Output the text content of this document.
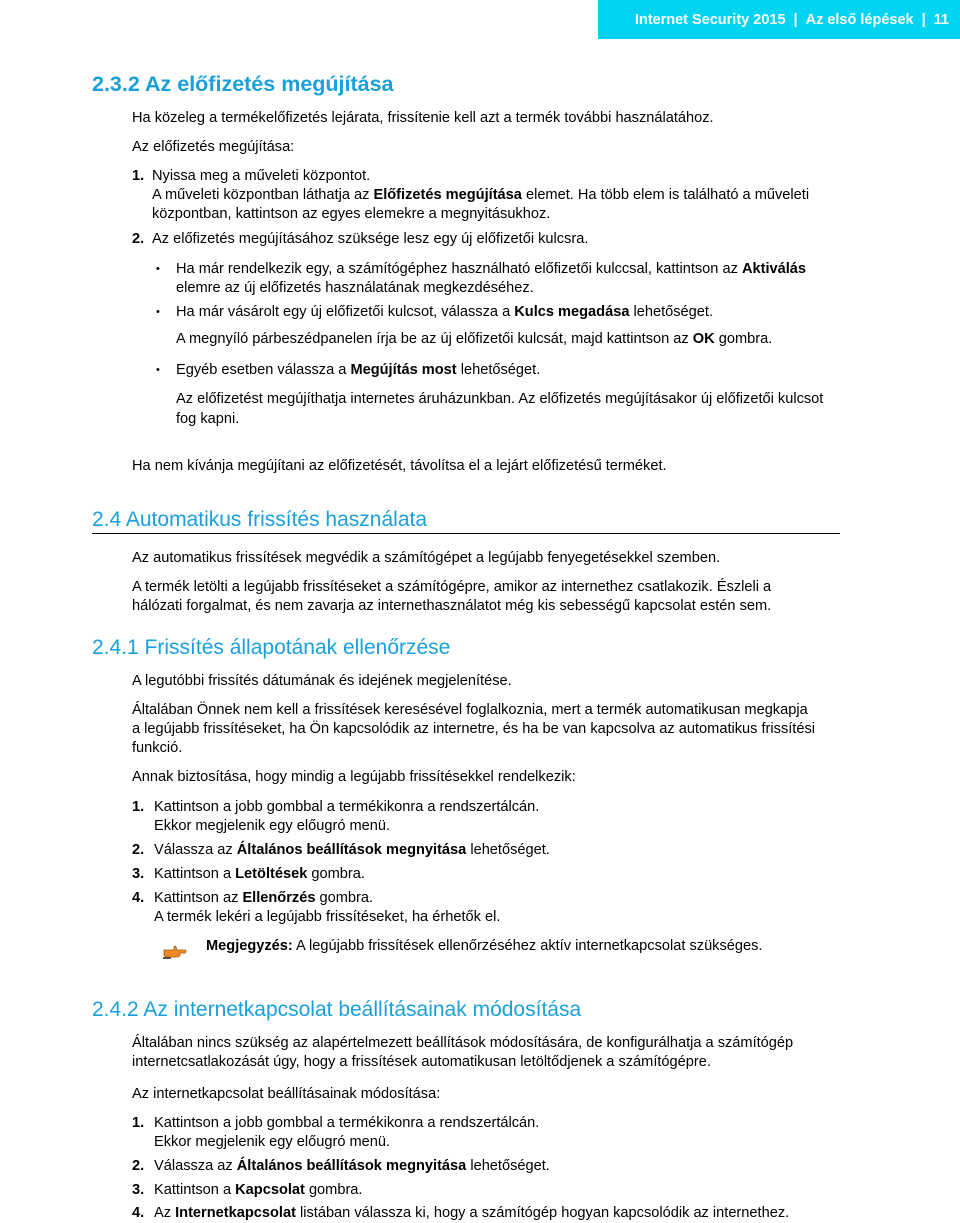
Internet Security 2015 | Az első lépések | 11
2.3.2 Az előfizetés megújítása
Ha közeleg a termékelőfizetés lejárata, frissítenie kell azt a termék további használatához.
Az előfizetés megújítása:
1. Nyissa meg a műveleti központot.
A műveleti központban láthatja az Előfizetés megújítása elemet. Ha több elem is található a műveleti
központban, kattintson az egyes elemekre a megnyitásukhoz.
2. Az előfizetés megújításához szüksége lesz egy új előfizetői kulcsra.
• Ha már rendelkezik egy, a számítógéphez használható előfizetői kulccsal, kattintson az Aktiválás
elemre az új előfizetés használatának megkezdéséhez.
• Ha már vásárolt egy új előfizetői kulcsot, válassza a Kulcs megadása lehetőséget.
A megnyíló párbeszédpanelen írja be az új előfizetői kulcsát, majd kattintson az OK gombra.
• Egyéb esetben válassza a Megújítás most lehetőséget.
Az előfizetést megújíthatja internetes áruházunkban. Az előfizetés megújításakor új előfizetői kulcsot
fog kapni.
Ha nem kívánja megújítani az előfizetését, távolítsa el a lejárt előfizetésű terméket.
2.4 Automatikus frissítés használata
Az automatikus frissítések megvédik a számítógépet a legújabb fenyegetésekkel szemben.
A termék letölti a legújabb frissítéseket a számítógépre, amikor az internethez csatlakozik. Észleli a
hálózati forgalmat, és nem zavarja az internethasználatot még kis sebességű kapcsolat estén sem.
2.4.1 Frissítés állapotának ellenőrzése
A legutóbbi frissítés dátumának és idejének megjelenítése.
Általában Önnek nem kell a frissítések keresésével foglalkoznia, mert a termék automatikusan megkapja
a legújabb frissítéseket, ha Ön kapcsolódik az internetre, és ha be van kapcsolva az automatikus frissítési
funkció.
Annak biztosítása, hogy mindig a legújabb frissítésekkel rendelkezik:
1. Kattintson a jobb gombbal a termékikonra a rendszertálcán.
Ekkor megjelenik egy előugró menü.
2. Válassza az Általános beállítások megnyitása lehetőséget.
3. Kattintson a Letöltések gombra.
4. Kattintson az Ellenőrzés gombra.
A termék lekéri a legújabb frissítéseket, ha érhetők el.
Megjegyzés: A legújabb frissítések ellenőrzéséhez aktív internetkapcsolat szükséges.
2.4.2 Az internetkapcsolat beállításainak módosítása
Általában nincs szükség az alapértelmezett beállítások módosítására, de konfigurálhatja a számítógép
internetcsatlakozását úgy, hogy a frissítések automatikusan letöltődjenek a számítógépre.
Az internetkapcsolat beállításainak módosítása:
1. Kattintson a jobb gombbal a termékikonra a rendszertálcán.
Ekkor megjelenik egy előugró menü.
2. Válassza az Általános beállítások megnyitása lehetőséget.
3. Kattintson a Kapcsolat gombra.
4. Az Internetkapcsolat listában válassza ki, hogy a számítógép hogyan kapcsolódik az internethez.
